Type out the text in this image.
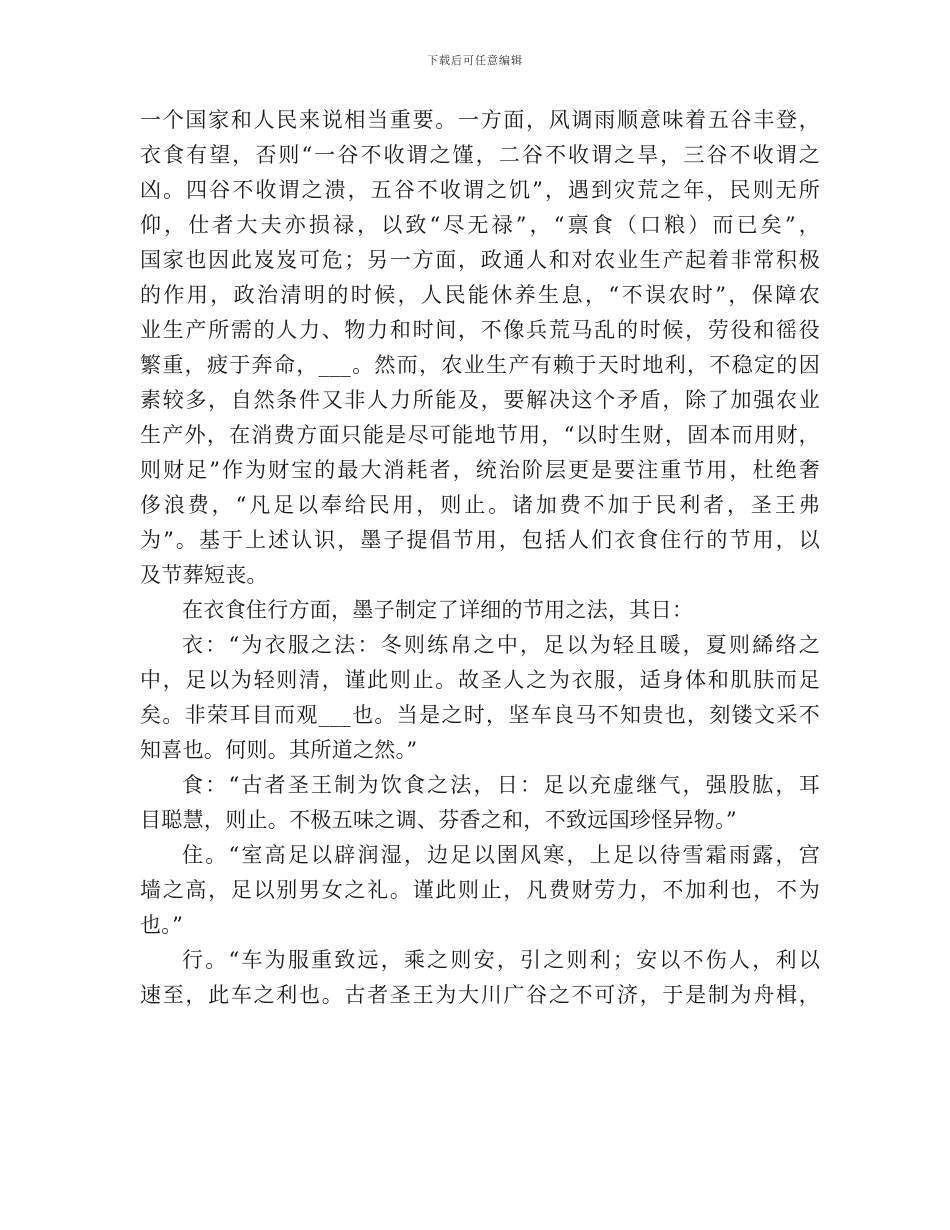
下载后可任意编辑
一个国家和人民来说相当重要。一方面，风调雨顺意味着五谷丰登，
衣食有望，否则“一谷不收谓之馑，二谷不收谓之旱，三谷不收谓之
凶。四谷不收谓之溃，五谷不收谓之饥”，遇到灾荒之年，民则无所
仰，仕者大夫亦损禄，以致“尽无禄”，“禀食（口粮）而已矣”，
国家也因此岌岌可危；另一方面，政通人和对农业生产起着非常积极
的作用，政治清明的时候，人民能休养生息，“不误农时”，保障农
业生产所需的人力、物力和时间，不像兵荒马乱的时候，劳役和徭役
繁重，疲于奔命，___。然而，农业生产有赖于天时地利，不稳定的因
素较多，自然条件又非人力所能及，要解决这个矛盾，除了加强农业
生产外，在消费方面只能是尽可能地节用，“以时生财，固本而用财，
则财足”作为财宝的最大消耗者，统治阶层更是要注重节用，杜绝奢
侈浪费，“凡足以奉给民用，则止。诸加费不加于民利者，圣王弗
为”。基于上述认识，墨子提倡节用，包括人们衣食住行的节用，以
及节葬短丧。
在衣食住行方面，墨子制定了详细的节用之法，其日：
衣：“为衣服之法：冬则练帛之中，足以为轻且暖，夏则絺络之
中，足以为轻则清，谨此则止。故圣人之为衣服，适身体和肌肤而足
矣。非荣耳目而观___也。当是之时，坚车良马不知贵也，刻镂文采不
知喜也。何则。其所道之然。”
食：“古者圣王制为饮食之法，日：足以充虚继气，强股肱，耳
目聪慧，则止。不极五味之调、芬香之和，不致远国珍怪异物。”
住。“室高足以辟润湿，边足以圉风寒，上足以待雪霜雨露，宫
墙之高，足以别男女之礼。谨此则止，凡费财劳力，不加利也，不为
也。”
行。“车为服重致远，乘之则安，引之则利；安以不伤人，利以
速至，此车之利也。古者圣王为大川广谷之不可济，于是制为舟楫，
